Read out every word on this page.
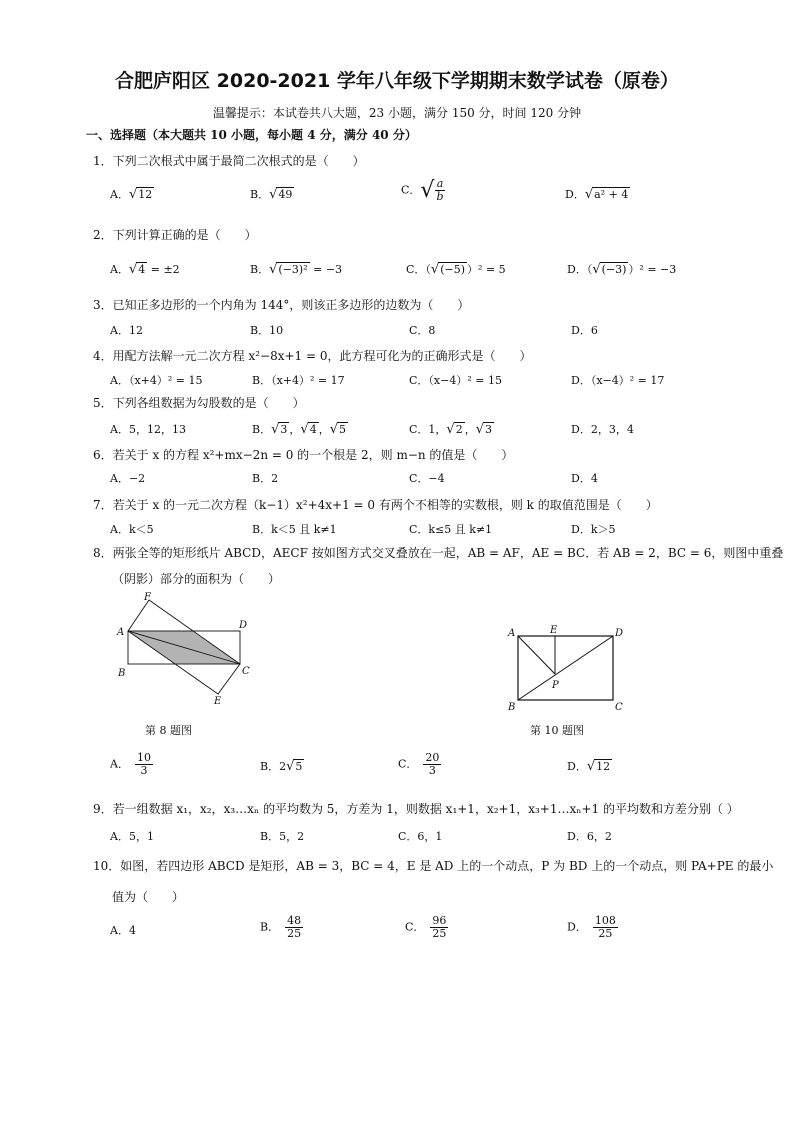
合肥庐阳区 2020-2021 学年八年级下学期期末数学试卷（原卷）
温馨提示：本试卷共八大题，23 小题，满分 150 分，时间 120 分钟
一、选择题（本大题共 10 小题，每小题 4 分，满分 40 分）
1．下列二次根式中属于最简二次根式的是（　　）
A．√12	B．√49	C．√ $\frac{a}{b}$	D．√a² + 4
2．下列计算正确的是（　　）
A．√4 = ±2	B．√(−3)² = −3	C．（√(−5) ）² = 5	D．（√(−3) ）² = −3
3．已知正多边形的一个内角为 144°，则该正多边形的边数为（　　）
A．12	B．10	C．8	D．6
4．用配方法解一元二次方程 x²−8x+1 = 0，此方程可化为的正确形式是（　　）
A．（x+4）² = 15	B．（x+4）² = 17	C．（x−4）² = 15	D．（x−4）² = 17
5．下列各组数据为勾股数的是（　　）
A．5，12，13	B．√3 ，√4 ，√5	C．1，√2 ，√3	D．2，3，4
6．若关于 x 的方程 x²+mx−2n = 0 的一个根是 2，则 m−n 的值是（　　）
A．−2	B．2	C．−4	D．4
7．若关于 x 的一元二次方程（k−1）x²+4x+1 = 0 有两个不相等的实数根，则 k 的取值范围是（　　）
A．k＜5	B．k＜5 且 k≠1	C．k≤5 且 k≠1	D．k＞5
8．两张全等的矩形纸片 ABCD，AECF 按如图方式交叉叠放在一起，AB = AF，AE = BC．若 AB = 2，BC = 6，则图中重叠
（阴影）部分的面积为（　　）
A
B	C
D
E
F
第 8 题图
A
B	C
D
E
P
第 10 题图
A． $\frac{10}{3}$	B．2√5	C． $\frac{20}{3}$	D．√12
9．若一组数据 x₁，x₂，x₃…xₙ 的平均数为 5，方差为 1，则数据 x₁+1，x₂+1，x₃+1…xₙ+1 的平均数和方差分别（ ）
A．5，1	B．5，2	C．6，1	D．6，2
10．如图，若四边形 ABCD 是矩形，AB = 3，BC = 4，E 是 AD 上的一个动点，P 为 BD 上的一个动点，则 PA+PE 的最小
值为（　　）
A．4	B． $\frac{48}{25}$	C． $\frac{96}{25}$	D． $\frac{108}{25}$
